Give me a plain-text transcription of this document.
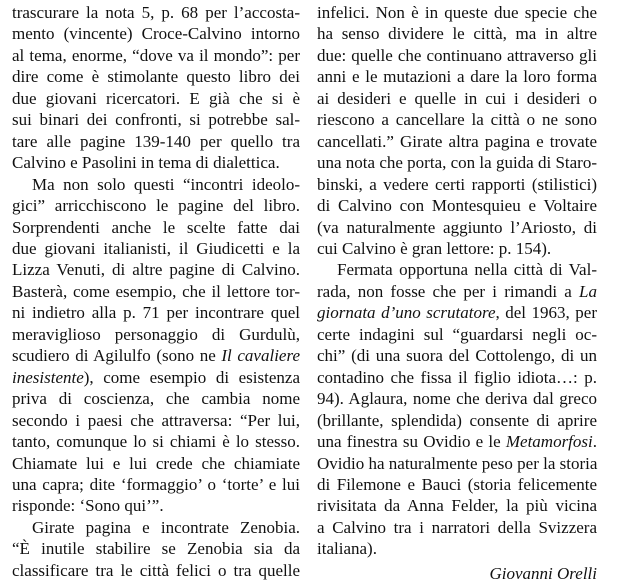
trascurare la nota 5, p. 68 per l’accosta-
mento (vincente) Croce-Calvino intorno
al tema, enorme, “dove va il mondo”: per
dire come è stimolante questo libro dei
due giovani ricercatori. E già che si è
sui binari dei confronti, si potrebbe sal-
tare alle pagine 139-140 per quello tra
Calvino e Pasolini in tema di dialettica.
Ma non solo questi “incontri ideolo-
gici” arricchiscono le pagine del libro.
Sorprendenti anche le scelte fatte dai
due giovani italianisti, il Giudicetti e la
Lizza Venuti, di altre pagine di Calvino.
Basterà, come esempio, che il lettore tor-
ni indietro alla p. 71 per incontrare quel
meraviglioso personaggio di Gurdulù,
scudiero di Agilulfo (sono ne Il cavaliere
inesistente), come esempio di esistenza
priva di coscienza, che cambia nome
secondo i paesi che attraversa: “Per lui,
tanto, comunque lo si chiami è lo stesso.
Chiamate lui e lui crede che chiamiate
una capra; dite ‘formaggio’ o ‘torte’ e lui
risponde: ‘Sono qui’”.
Girate pagina e incontrate Zenobia.
“È inutile stabilire se Zenobia sia da
classificare tra le città felici o tra quelle
infelici. Non è in queste due specie che
ha senso dividere le città, ma in altre
due: quelle che continuano attraverso gli
anni e le mutazioni a dare la loro forma
ai desideri e quelle in cui i desideri o
riescono a cancellare la città o ne sono
cancellati.” Girate altra pagina e trovate
una nota che porta, con la guida di Staro-
binski, a vedere certi rapporti (stilistici)
di Calvino con Montesquieu e Voltaire
(va naturalmente aggiunto l’Ariosto, di
cui Calvino è gran lettore: p. 154).
Fermata opportuna nella città di Val-
rada, non fosse che per i rimandi a La
giornata d’uno scrutatore, del 1963, per
certe indagini sul “guardarsi negli oc-
chi” (di una suora del Cottolengo, di un
contadino che fissa il figlio idiota…: p.
94). Aglaura, nome che deriva dal greco
(brillante, splendida) consente di aprire
una finestra su Ovidio e le Metamorfosi.
Ovidio ha naturalmente peso per la storia
di Filemone e Bauci (storia felicemente
rivisitata da Anna Felder, la più vicina
a Calvino tra i narratori della Svizzera
italiana).
Giovanni Orelli
